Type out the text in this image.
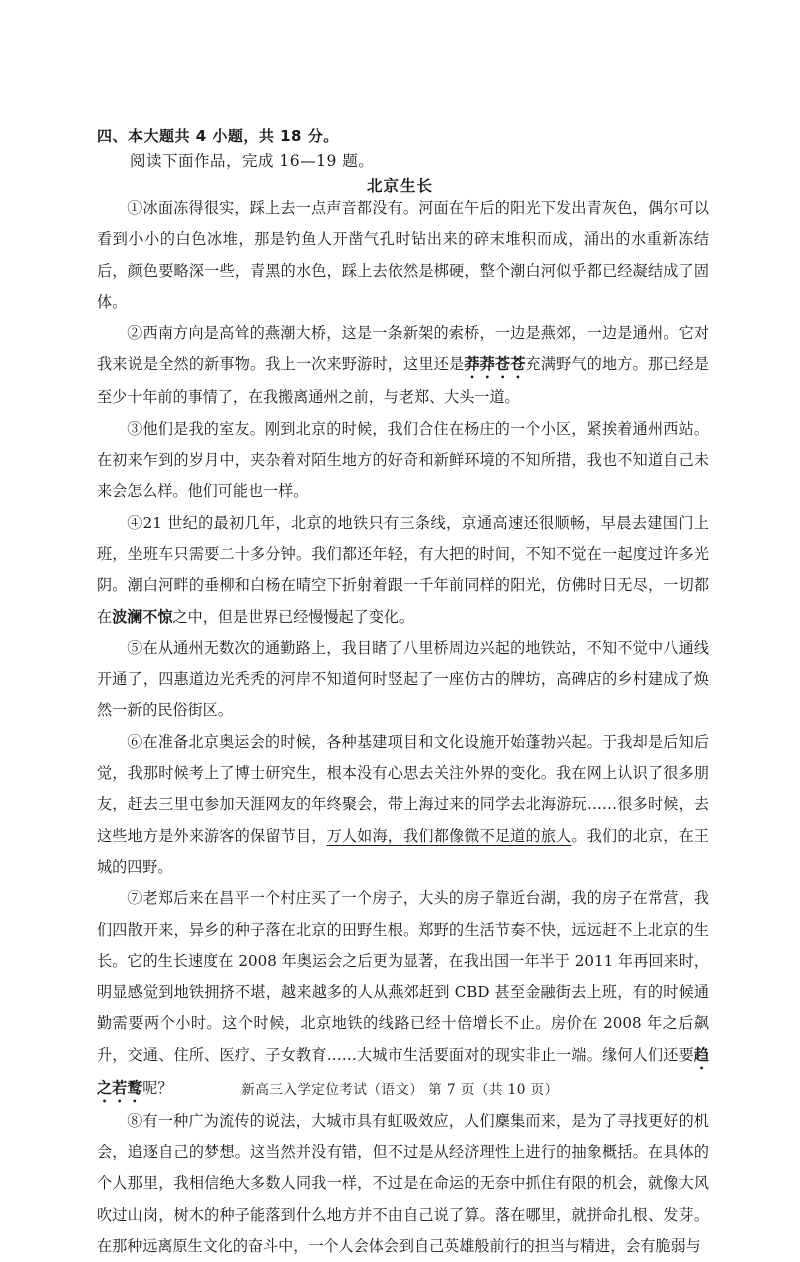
四、本大题共 4 小题，共 18 分。
阅读下面作品，完成 16—19 题。
北京生长

①冰面冻得很实，踩上去一点声音都没有。河面在午后的阳光下发出青灰色，偶尔可以看到小小的白色冰堆，那是钓鱼人开凿气孔时钻出来的碎末堆积而成，涌出的水重新冻结后，颜色要略深一些，青黑的水色，踩上去依然是梆硬，整个潮白河似乎都已经凝结成了固体。

②西南方向是高耸的燕潮大桥，这是一条新架的索桥，一边是燕郊，一边是通州。它对我来说是全然的新事物。我上一次来野游时，这里还是莽莽苍苍充满野气的地方。那已经是至少十年前的事情了，在我搬离通州之前，与老郑、大头一道。

③他们是我的室友。刚到北京的时候，我们合住在杨庄的一个小区，紧挨着通州西站。在初来乍到的岁月中，夹杂着对陌生地方的好奇和新鲜环境的不知所措，我也不知道自己未来会怎么样。他们可能也一样。

④21 世纪的最初几年，北京的地铁只有三条线，京通高速还很顺畅，早晨去建国门上班，坐班车只需要二十多分钟。我们都还年轻，有大把的时间，不知不觉在一起度过许多光阴。潮白河畔的垂柳和白杨在晴空下折射着跟一千年前同样的阳光，仿佛时日无尽，一切都在波澜不惊之中，但是世界已经慢慢起了变化。

⑤在从通州无数次的通勤路上，我目睹了八里桥周边兴起的地铁站，不知不觉中八通线开通了，四惠道边光秃秃的河岸不知道何时竖起了一座仿古的牌坊，高碑店的乡村建成了焕然一新的民俗街区。

⑥在准备北京奥运会的时候，各种基建项目和文化设施开始蓬勃兴起。于我却是后知后觉，我那时候考上了博士研究生，根本没有心思去关注外界的变化。我在网上认识了很多朋友，赶去三里屯参加天涯网友的年终聚会，带上海过来的同学去北海游玩……很多时候，去这些地方是外来游客的保留节目，万人如海，我们都像微不足道的旅人。我们的北京，在王城的四野。

⑦老郑后来在昌平一个村庄买了一个房子，大头的房子靠近台湖，我的房子在常营，我们四散开来，异乡的种子落在北京的田野生根。郑野的生活节奏不快，远远赶不上北京的生长。它的生长速度在 2008 年奥运会之后更为显著，在我出国一年半于 2011 年再回来时，明显感觉到地铁拥挤不堪，越来越多的人从燕郊赶到 CBD 甚至金融街去上班，有的时候通勤需要两个小时。这个时候，北京地铁的线路已经十倍增长不止。房价在 2008 年之后飙升，交通、住所、医疗、子女教育……大城市生活要面对的现实非止一端。缘何人们还要趋之若鹜呢？

⑧有一种广为流传的说法，大城市具有虹吸效应，人们麇集而来，是为了寻找更好的机会，追逐自己的梦想。这当然并没有错，但不过是从经济理性上进行的抽象概括。在具体的个人那里，我相信绝大多数人同我一样，不过是在命运的无奈中抓住有限的机会，就像大风吹过山岗，树木的种子能落到什么地方并不由自己说了算。落在哪里，就拼命扎根、发芽。在那种远离原生文化的奋斗中，一个人会体会到自己英雄般前行的担当与精进，会有脆弱与

新高三入学定位考试（语文） 第 7 页（共 10 页）
